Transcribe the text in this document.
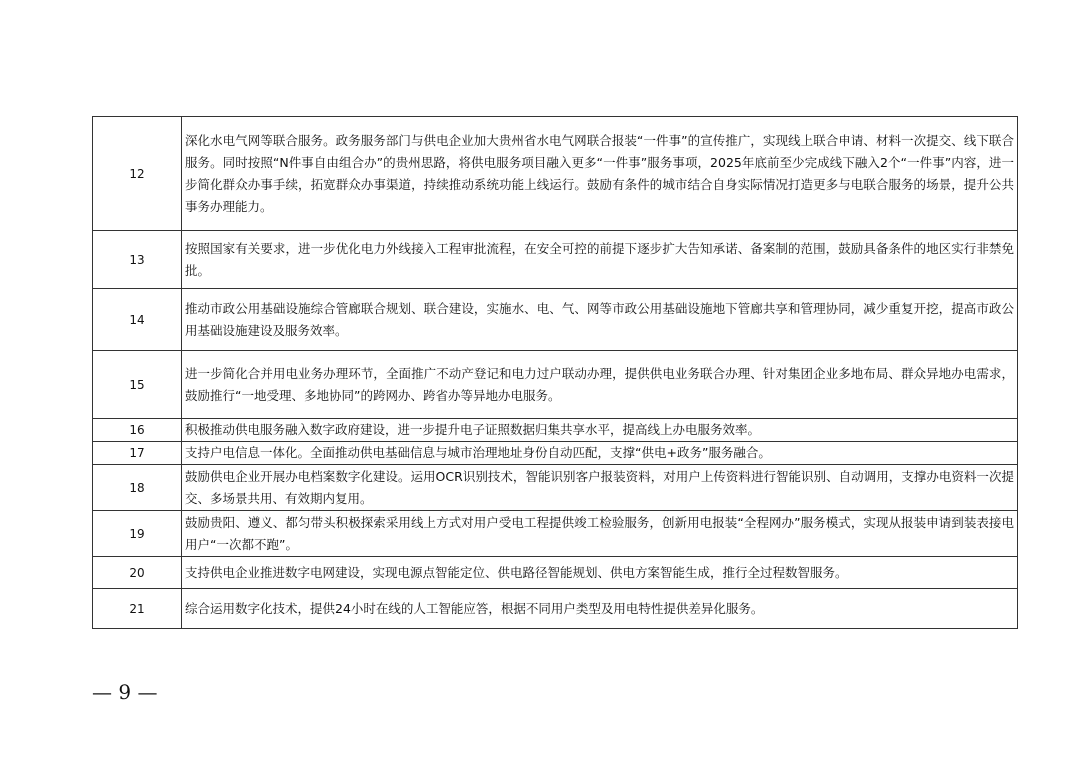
12	深化水电气网等联合服务。政务服务部门与供电企业加大贵州省水电气网联合报装“一件事”的宣传推广，实现线上联合申请、材料一次提交、线下联合服务。同时按照“N件事自由组合办”的贵州思路，将供电服务项目融入更多“一件事”服务事项，2025年底前至少完成线下融入2个“一件事”内容，进一步简化群众办事手续，拓宽群众办事渠道，持续推动系统功能上线运行。鼓励有条件的城市结合自身实际情况打造更多与电联合服务的场景，提升公共事务办理能力。
13	按照国家有关要求，进一步优化电力外线接入工程审批流程，在安全可控的前提下逐步扩大告知承诺、备案制的范围，鼓励具备条件的地区实行非禁免批。
14	推动市政公用基础设施综合管廊联合规划、联合建设，实施水、电、气、网等市政公用基础设施地下管廊共享和管理协同，减少重复开挖，提高市政公用基础设施建设及服务效率。
15	进一步简化合并用电业务办理环节，全面推广不动产登记和电力过户联动办理，提供供电业务联合办理、针对集团企业多地布局、群众异地办电需求，鼓励推行“一地受理、多地协同”的跨网办、跨省办等异地办电服务。
16	积极推动供电服务融入数字政府建设，进一步提升电子证照数据归集共享水平，提高线上办电服务效率。
17	支持户电信息一体化。全面推动供电基础信息与城市治理地址身份自动匹配，支撑“供电+政务”服务融合。
18	鼓励供电企业开展办电档案数字化建设。运用OCR识别技术，智能识别客户报装资料，对用户上传资料进行智能识别、自动调用，支撑办电资料一次提交、多场景共用、有效期内复用。
19	鼓励贵阳、遵义、都匀带头积极探索采用线上方式对用户受电工程提供竣工检验服务，创新用电报装“全程网办”服务模式，实现从报装申请到装表接电用户“一次都不跑”。
20	支持供电企业推进数字电网建设，实现电源点智能定位、供电路径智能规划、供电方案智能生成，推行全过程数智服务。
21	综合运用数字化技术，提供24小时在线的人工智能应答，根据不同用户类型及用电特性提供差异化服务。
— 9 —
